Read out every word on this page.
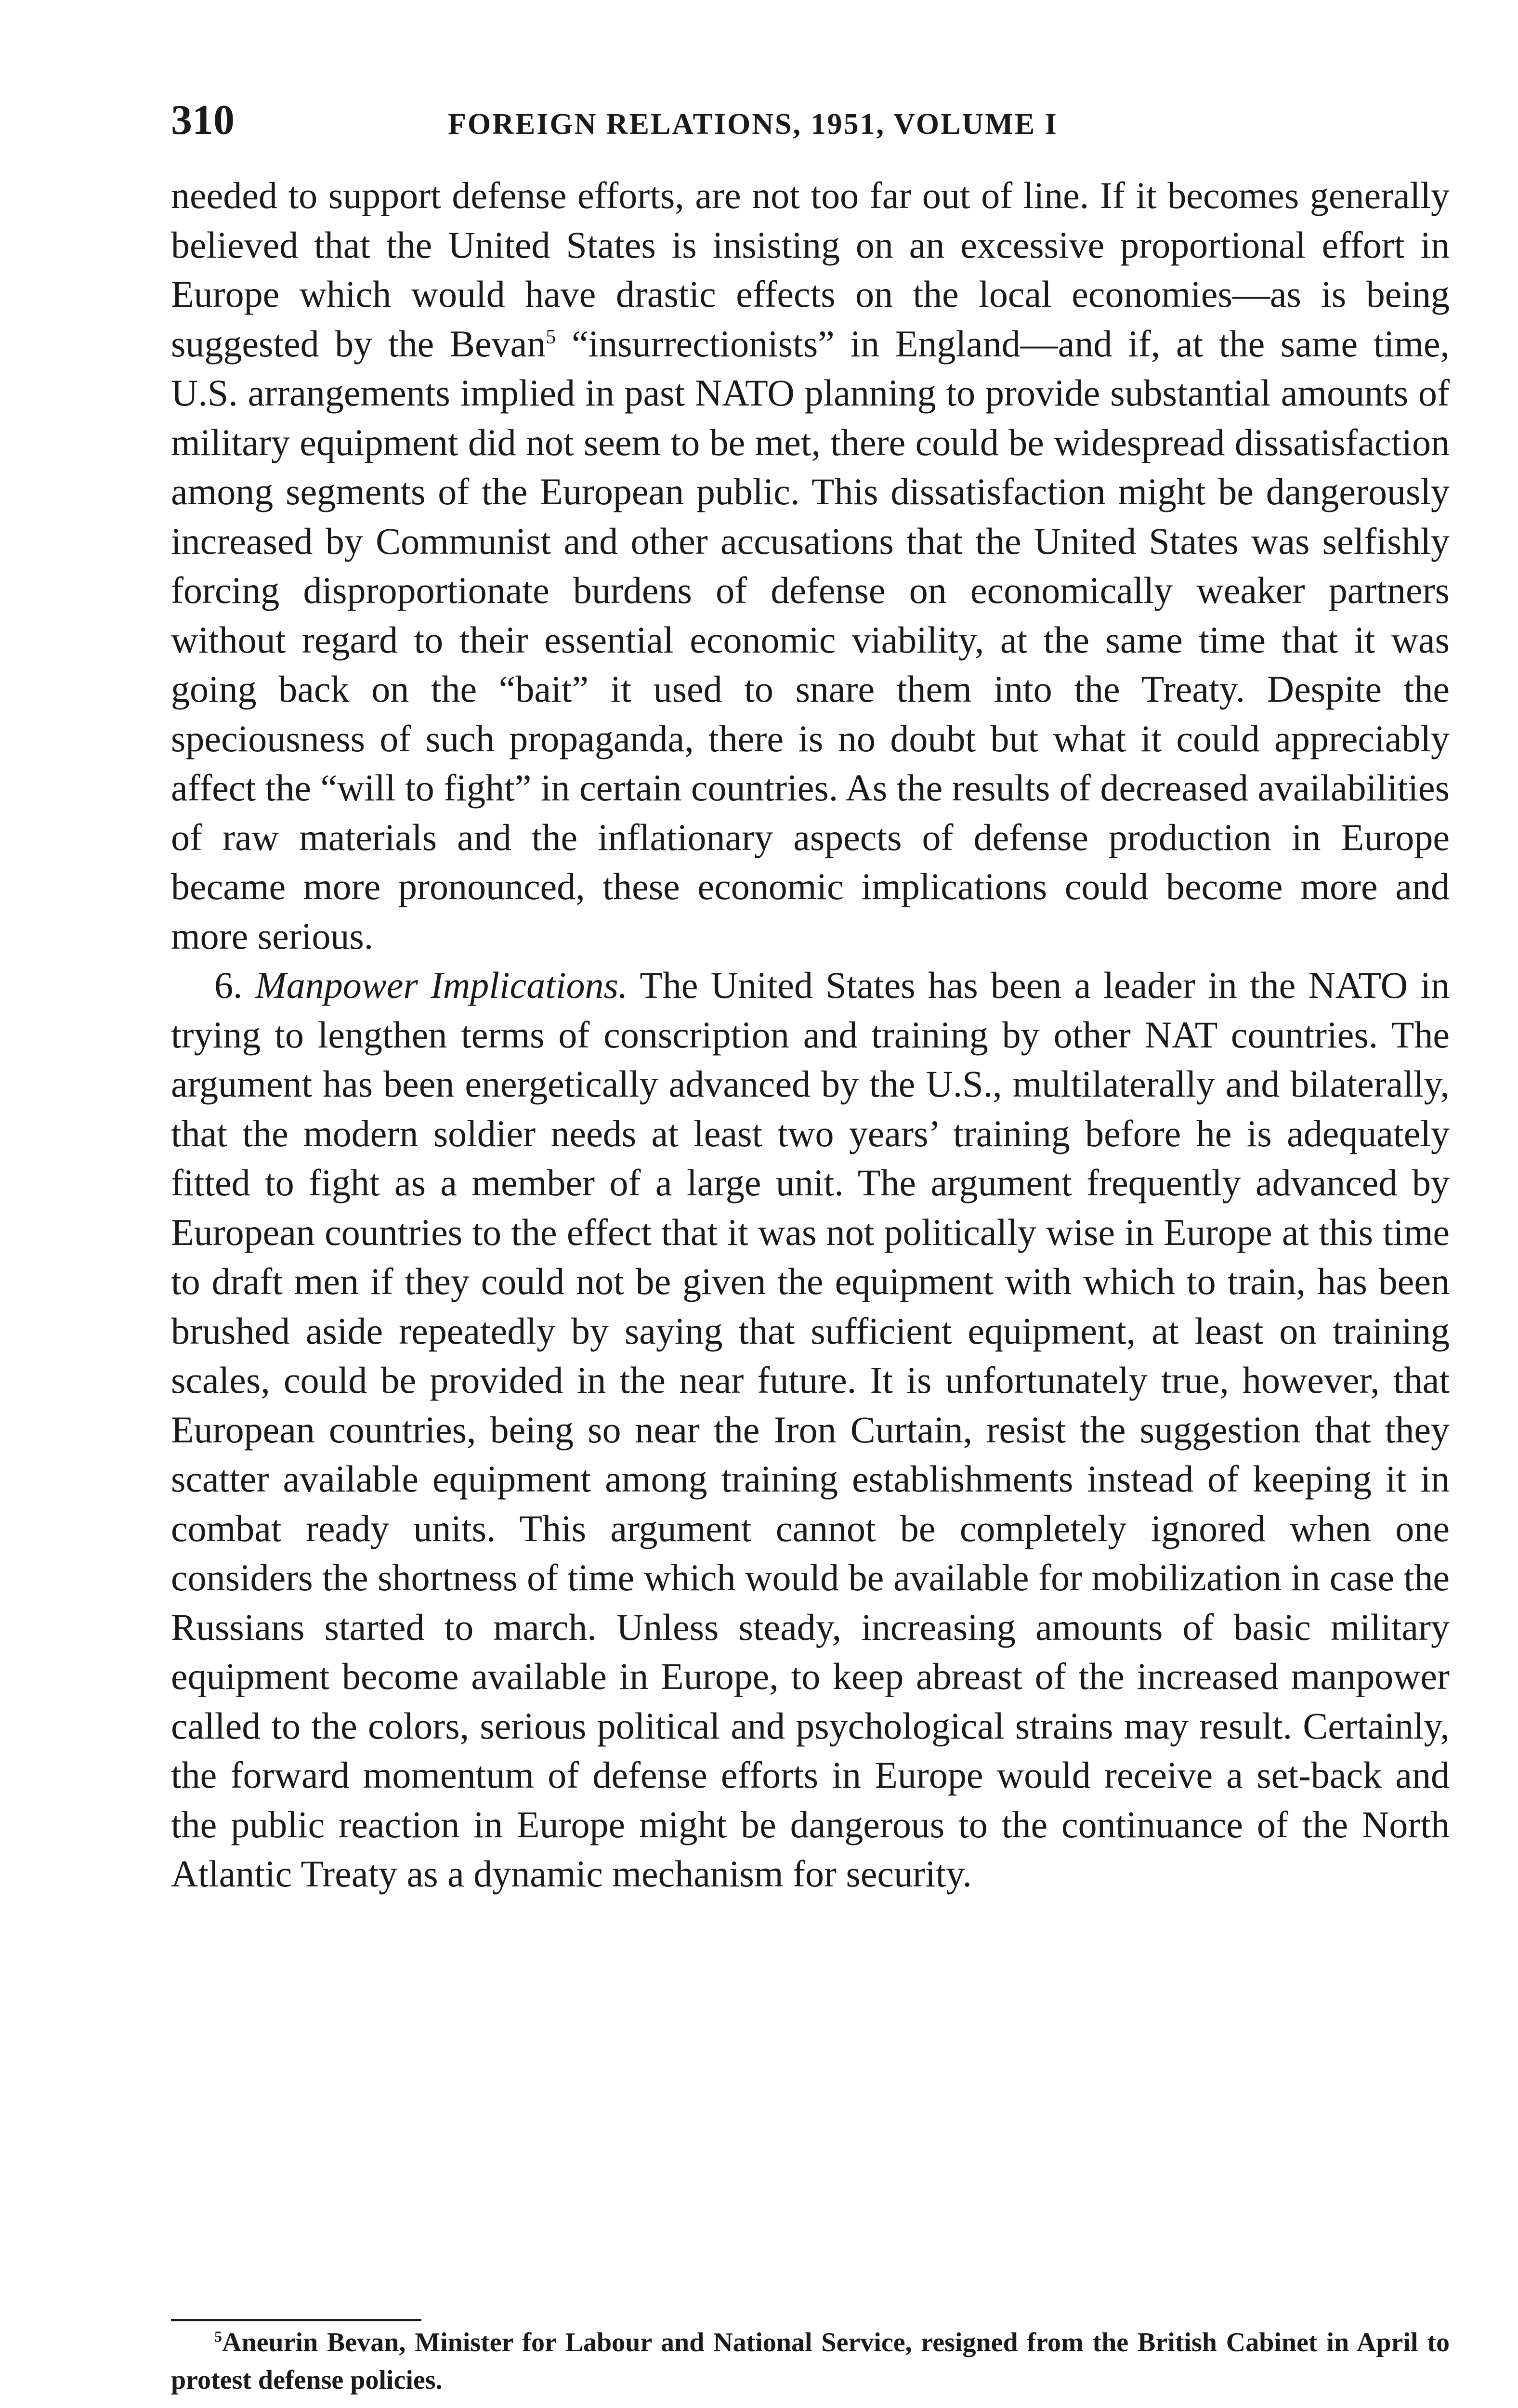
310	FOREIGN RELATIONS, 1951, VOLUME I

needed to support defense efforts, are not too far out of line. If it becomes generally believed that the United States is insisting on an excessive proportional effort in Europe which would have drastic effects on the local economies—as is being suggested by the Bevan$^5$ “insurrectionists” in England—and if, at the same time, U.S. arrangements implied in past NATO planning to provide substantial amounts of military equipment did not seem to be met, there could be widespread dissatisfaction among segments of the European public. This dissatisfaction might be dangerously increased by Communist and other accusations that the United States was selfishly forcing disproportionate burdens of defense on economically weaker partners without regard to their essential economic viability, at the same time that it was going back on the “bait” it used to snare them into the Treaty. Despite the speciousness of such propaganda, there is no doubt but what it could appreciably affect the “will to fight” in certain countries. As the results of decreased availabilities of raw materials and the inflationary aspects of defense production in Europe became more pronounced, these economic implications could become more and more serious.

6. Manpower Implications. The United States has been a leader in the NATO in trying to lengthen terms of conscription and training by other NAT countries. The argument has been energetically advanced by the U.S., multilaterally and bilaterally, that the modern soldier needs at least two years’ training before he is adequately fitted to fight as a member of a large unit. The argument frequently advanced by European countries to the effect that it was not politically wise in Europe at this time to draft men if they could not be given the equipment with which to train, has been brushed aside repeatedly by saying that sufficient equipment, at least on training scales, could be provided in the near future. It is unfortunately true, however, that European countries, being so near the Iron Curtain, resist the suggestion that they scatter available equipment among training establishments instead of keeping it in combat ready units. This argument cannot be completely ignored when one considers the shortness of time which would be available for mobilization in case the Russians started to march. Unless steady, increasing amounts of basic military equipment become available in Europe, to keep abreast of the increased manpower called to the colors, serious political and psychological strains may result. Certainly, the forward momentum of defense efforts in Europe would receive a set-back and the public reaction in Europe might be dangerous to the continuance of the North Atlantic Treaty as a dynamic mechanism for security.

$^5$Aneurin Bevan, Minister for Labour and National Service, resigned from the British Cabinet in April to protest defense policies.
